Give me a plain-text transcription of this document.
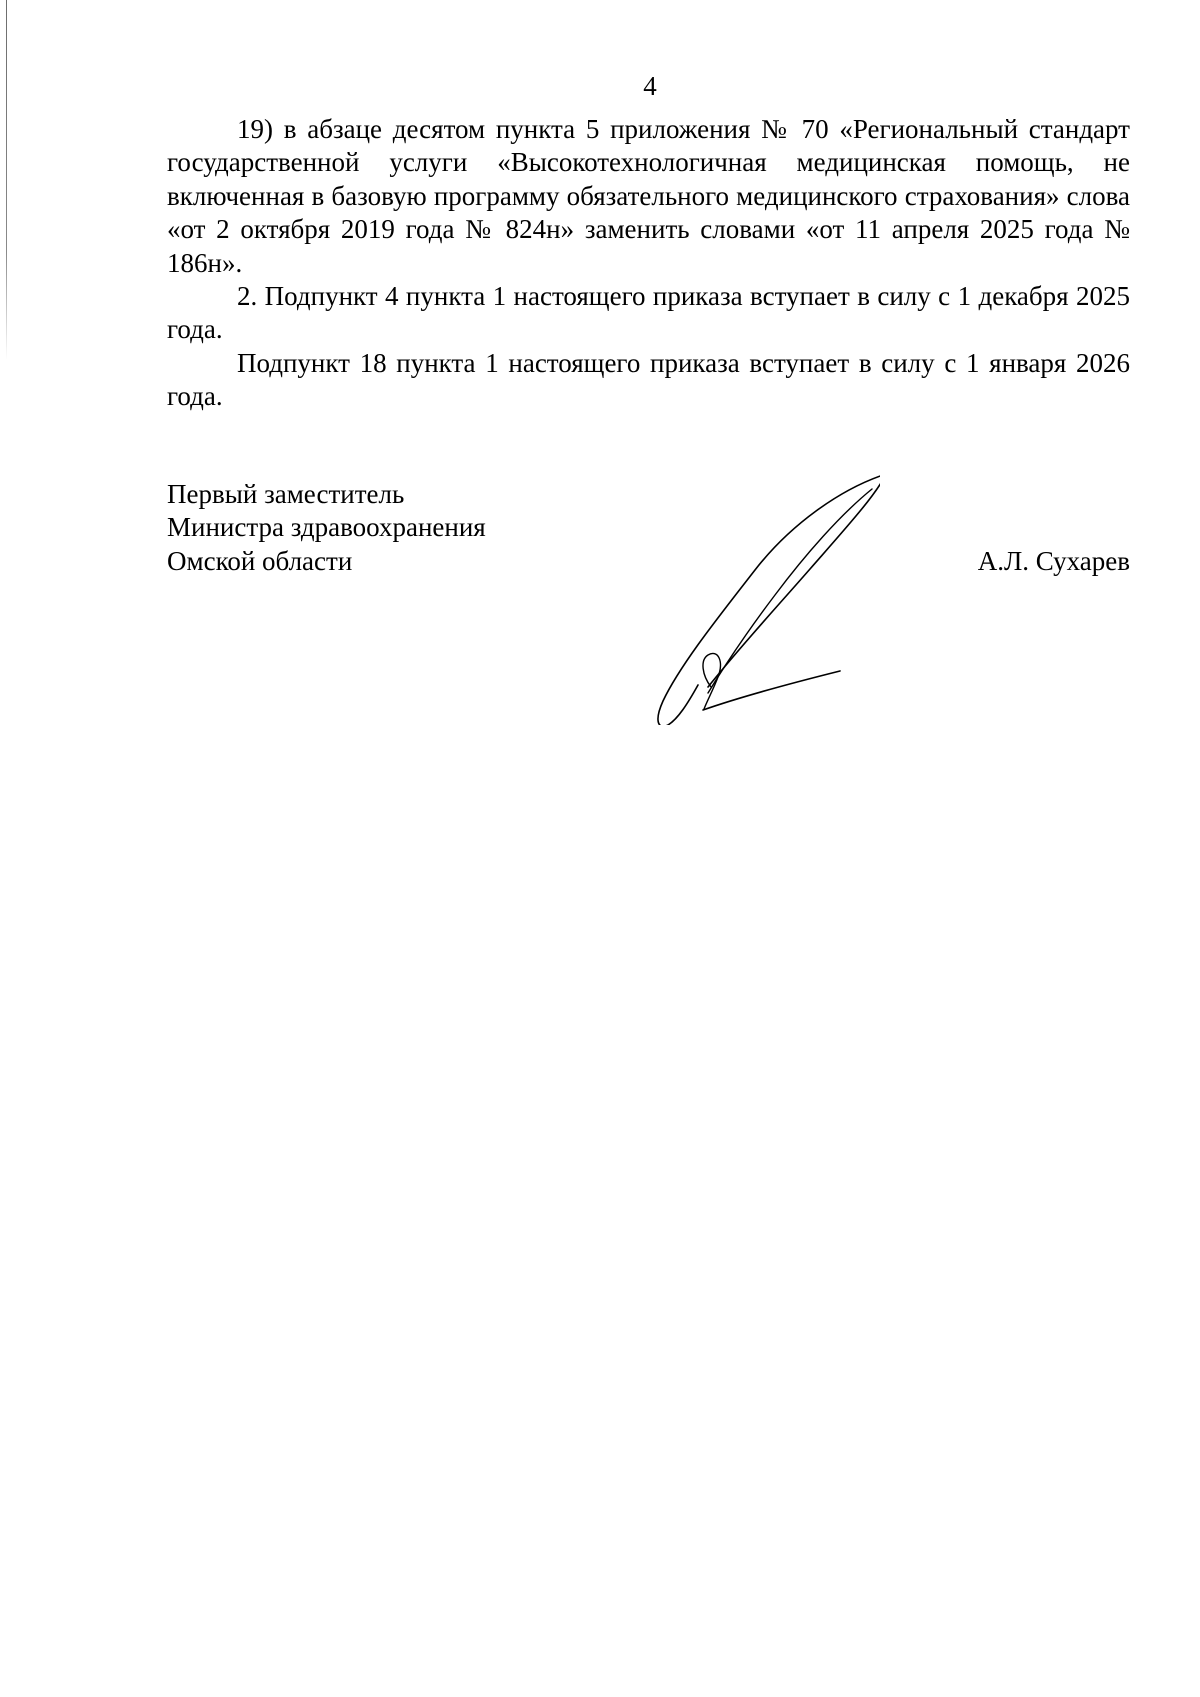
4

19) в абзаце десятом пункта 5 приложения № 70 «Региональный стандарт государственной услуги «Высокотехнологичная медицинская помощь, не включенная в базовую программу обязательного медицинского страхования» слова «от 2 октября 2019 года № 824н» заменить словами «от 11 апреля 2025 года № 186н».

2. Подпункт 4 пункта 1 настоящего приказа вступает в силу с 1 декабря 2025 года.

Подпункт 18 пункта 1 настоящего приказа вступает в силу с 1 января 2026 года.

Первый заместитель
Министра здравоохранения
Омской области	А.Л. Сухарев
